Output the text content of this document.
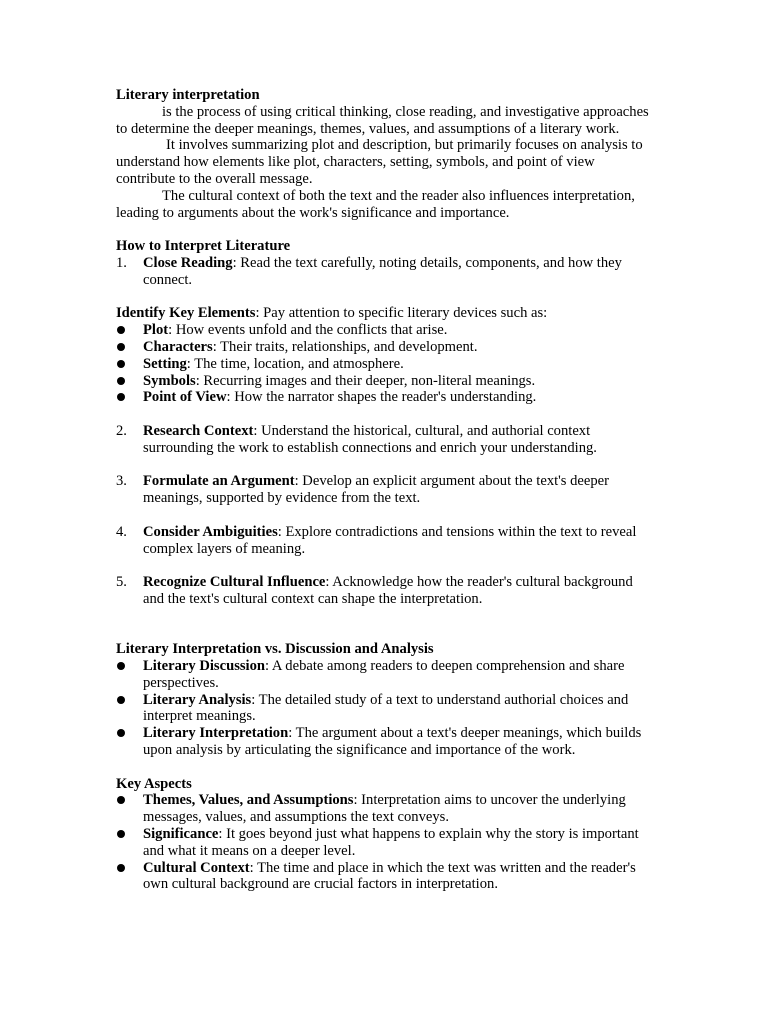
Literary interpretation

is the process of using critical thinking, close reading, and investigative approaches to determine the deeper meanings, themes, values, and assumptions of a literary work.

It involves summarizing plot and description, but primarily focuses on analysis to understand how elements like plot, characters, setting, symbols, and point of view contribute to the overall message.

The cultural context of both the text and the reader also influences interpretation, leading to arguments about the work's significance and importance.

How to Interpret Literature

1. Close Reading: Read the text carefully, noting details, components, and how they connect.

Identify Key Elements: Pay attention to specific literary devices such as:

Plot: How events unfold and the conflicts that arise.
Characters: Their traits, relationships, and development.
Setting: The time, location, and atmosphere.
Symbols: Recurring images and their deeper, non-literal meanings.
Point of View: How the narrator shapes the reader's understanding.
2. Research Context: Understand the historical, cultural, and authorial context surrounding the work to establish connections and enrich your understanding.
3. Formulate an Argument: Develop an explicit argument about the text's deeper meanings, supported by evidence from the text.
4. Consider Ambiguities: Explore contradictions and tensions within the text to reveal complex layers of meaning.
5. Recognize Cultural Influence: Acknowledge how the reader's cultural background and the text's cultural context can shape the interpretation.

Literary Interpretation vs. Discussion and Analysis

Literary Discussion: A debate among readers to deepen comprehension and share perspectives.
Literary Analysis: The detailed study of a text to understand authorial choices and interpret meanings.
Literary Interpretation: The argument about a text's deeper meanings, which builds upon analysis by articulating the significance and importance of the work.

Key Aspects

Themes, Values, and Assumptions: Interpretation aims to uncover the underlying messages, values, and assumptions the text conveys.
Significance: It goes beyond just what happens to explain why the story is important and what it means on a deeper level.
Cultural Context: The time and place in which the text was written and the reader's own cultural background are crucial factors in interpretation.
